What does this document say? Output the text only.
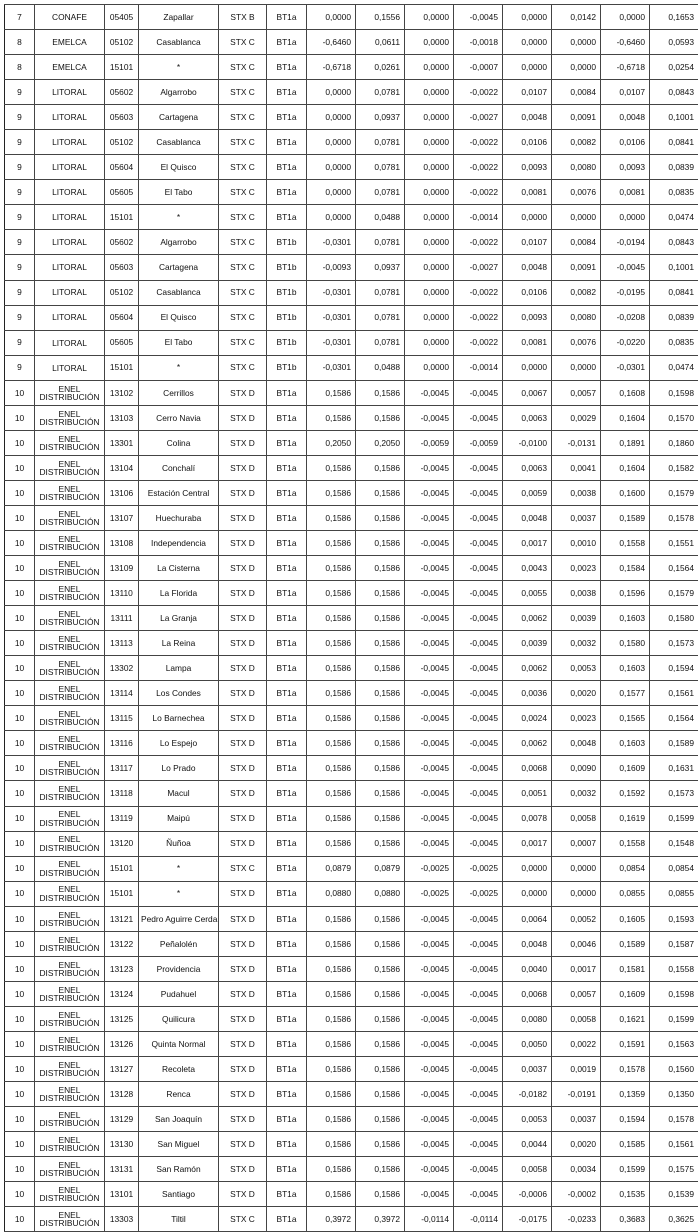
7	CONAFE	05405	Zapallar	STX B	BT1a	0,0000	0,1556	0,0000	-0,0045	0,0000	0,0142	0,0000	0,1653
8	EMELCA	05102	Casablanca	STX C	BT1a	-0,6460	0,0611	0,0000	-0,0018	0,0000	0,0000	-0,6460	0,0593
8	EMELCA	15101	*	STX C	BT1a	-0,6718	0,0261	0,0000	-0,0007	0,0000	0,0000	-0,6718	0,0254
9	LITORAL	05602	Algarrobo	STX C	BT1a	0,0000	0,0781	0,0000	-0,0022	0,0107	0,0084	0,0107	0,0843
9	LITORAL	05603	Cartagena	STX C	BT1a	0,0000	0,0937	0,0000	-0,0027	0,0048	0,0091	0,0048	0,1001
9	LITORAL	05102	Casablanca	STX C	BT1a	0,0000	0,0781	0,0000	-0,0022	0,0106	0,0082	0,0106	0,0841
9	LITORAL	05604	El Quisco	STX C	BT1a	0,0000	0,0781	0,0000	-0,0022	0,0093	0,0080	0,0093	0,0839
9	LITORAL	05605	El Tabo	STX C	BT1a	0,0000	0,0781	0,0000	-0,0022	0,0081	0,0076	0,0081	0,0835
9	LITORAL	15101	*	STX C	BT1a	0,0000	0,0488	0,0000	-0,0014	0,0000	0,0000	0,0000	0,0474
9	LITORAL	05602	Algarrobo	STX C	BT1b	-0,0301	0,0781	0,0000	-0,0022	0,0107	0,0084	-0,0194	0,0843
9	LITORAL	05603	Cartagena	STX C	BT1b	-0,0093	0,0937	0,0000	-0,0027	0,0048	0,0091	-0,0045	0,1001
9	LITORAL	05102	Casablanca	STX C	BT1b	-0,0301	0,0781	0,0000	-0,0022	0,0106	0,0082	-0,0195	0,0841
9	LITORAL	05604	El Quisco	STX C	BT1b	-0,0301	0,0781	0,0000	-0,0022	0,0093	0,0080	-0,0208	0,0839
9	LITORAL	05605	El Tabo	STX C	BT1b	-0,0301	0,0781	0,0000	-0,0022	0,0081	0,0076	-0,0220	0,0835
9	LITORAL	15101	*	STX C	BT1b	-0,0301	0,0488	0,0000	-0,0014	0,0000	0,0000	-0,0301	0,0474
10	ENEL DISTRIBUCIÓN	13102	Cerrillos	STX D	BT1a	0,1586	0,1586	-0,0045	-0,0045	0,0067	0,0057	0,1608	0,1598
10	ENEL DISTRIBUCIÓN	13103	Cerro Navia	STX D	BT1a	0,1586	0,1586	-0,0045	-0,0045	0,0063	0,0029	0,1604	0,1570
10	ENEL DISTRIBUCIÓN	13301	Colina	STX D	BT1a	0,2050	0,2050	-0,0059	-0,0059	-0,0100	-0,0131	0,1891	0,1860
10	ENEL DISTRIBUCIÓN	13104	Conchalí	STX D	BT1a	0,1586	0,1586	-0,0045	-0,0045	0,0063	0,0041	0,1604	0,1582
10	ENEL DISTRIBUCIÓN	13106	Estación Central	STX D	BT1a	0,1586	0,1586	-0,0045	-0,0045	0,0059	0,0038	0,1600	0,1579
10	ENEL DISTRIBUCIÓN	13107	Huechuraba	STX D	BT1a	0,1586	0,1586	-0,0045	-0,0045	0,0048	0,0037	0,1589	0,1578
10	ENEL DISTRIBUCIÓN	13108	Independencia	STX D	BT1a	0,1586	0,1586	-0,0045	-0,0045	0,0017	0,0010	0,1558	0,1551
10	ENEL DISTRIBUCIÓN	13109	La Cisterna	STX D	BT1a	0,1586	0,1586	-0,0045	-0,0045	0,0043	0,0023	0,1584	0,1564
10	ENEL DISTRIBUCIÓN	13110	La Florida	STX D	BT1a	0,1586	0,1586	-0,0045	-0,0045	0,0055	0,0038	0,1596	0,1579
10	ENEL DISTRIBUCIÓN	13111	La Granja	STX D	BT1a	0,1586	0,1586	-0,0045	-0,0045	0,0062	0,0039	0,1603	0,1580
10	ENEL DISTRIBUCIÓN	13113	La Reina	STX D	BT1a	0,1586	0,1586	-0,0045	-0,0045	0,0039	0,0032	0,1580	0,1573
10	ENEL DISTRIBUCIÓN	13302	Lampa	STX D	BT1a	0,1586	0,1586	-0,0045	-0,0045	0,0062	0,0053	0,1603	0,1594
10	ENEL DISTRIBUCIÓN	13114	Los Condes	STX D	BT1a	0,1586	0,1586	-0,0045	-0,0045	0,0036	0,0020	0,1577	0,1561
10	ENEL DISTRIBUCIÓN	13115	Lo Barnechea	STX D	BT1a	0,1586	0,1586	-0,0045	-0,0045	0,0024	0,0023	0,1565	0,1564
10	ENEL DISTRIBUCIÓN	13116	Lo Espejo	STX D	BT1a	0,1586	0,1586	-0,0045	-0,0045	0,0062	0,0048	0,1603	0,1589
10	ENEL DISTRIBUCIÓN	13117	Lo Prado	STX D	BT1a	0,1586	0,1586	-0,0045	-0,0045	0,0068	0,0090	0,1609	0,1631
10	ENEL DISTRIBUCIÓN	13118	Macul	STX D	BT1a	0,1586	0,1586	-0,0045	-0,0045	0,0051	0,0032	0,1592	0,1573
10	ENEL DISTRIBUCIÓN	13119	Maipú	STX D	BT1a	0,1586	0,1586	-0,0045	-0,0045	0,0078	0,0058	0,1619	0,1599
10	ENEL DISTRIBUCIÓN	13120	Ñuñoa	STX D	BT1a	0,1586	0,1586	-0,0045	-0,0045	0,0017	0,0007	0,1558	0,1548
10	ENEL DISTRIBUCIÓN	15101	*	STX C	BT1a	0,0879	0,0879	-0,0025	-0,0025	0,0000	0,0000	0,0854	0,0854
10	ENEL DISTRIBUCIÓN	15101	*	STX D	BT1a	0,0880	0,0880	-0,0025	-0,0025	0,0000	0,0000	0,0855	0,0855
10	ENEL DISTRIBUCIÓN	13121	Pedro Aguirre Cerda	STX D	BT1a	0,1586	0,1586	-0,0045	-0,0045	0,0064	0,0052	0,1605	0,1593
10	ENEL DISTRIBUCIÓN	13122	Peñalolén	STX D	BT1a	0,1586	0,1586	-0,0045	-0,0045	0,0048	0,0046	0,1589	0,1587
10	ENEL DISTRIBUCIÓN	13123	Providencia	STX D	BT1a	0,1586	0,1586	-0,0045	-0,0045	0,0040	0,0017	0,1581	0,1558
10	ENEL DISTRIBUCIÓN	13124	Pudahuel	STX D	BT1a	0,1586	0,1586	-0,0045	-0,0045	0,0068	0,0057	0,1609	0,1598
10	ENEL DISTRIBUCIÓN	13125	Quilicura	STX D	BT1a	0,1586	0,1586	-0,0045	-0,0045	0,0080	0,0058	0,1621	0,1599
10	ENEL DISTRIBUCIÓN	13126	Quinta Normal	STX D	BT1a	0,1586	0,1586	-0,0045	-0,0045	0,0050	0,0022	0,1591	0,1563
10	ENEL DISTRIBUCIÓN	13127	Recoleta	STX D	BT1a	0,1586	0,1586	-0,0045	-0,0045	0,0037	0,0019	0,1578	0,1560
10	ENEL DISTRIBUCIÓN	13128	Renca	STX D	BT1a	0,1586	0,1586	-0,0045	-0,0045	-0,0182	-0,0191	0,1359	0,1350
10	ENEL DISTRIBUCIÓN	13129	San Joaquín	STX D	BT1a	0,1586	0,1586	-0,0045	-0,0045	0,0053	0,0037	0,1594	0,1578
10	ENEL DISTRIBUCIÓN	13130	San Miguel	STX D	BT1a	0,1586	0,1586	-0,0045	-0,0045	0,0044	0,0020	0,1585	0,1561
10	ENEL DISTRIBUCIÓN	13131	San Ramón	STX D	BT1a	0,1586	0,1586	-0,0045	-0,0045	0,0058	0,0034	0,1599	0,1575
10	ENEL DISTRIBUCIÓN	13101	Santiago	STX D	BT1a	0,1586	0,1586	-0,0045	-0,0045	-0,0006	-0,0002	0,1535	0,1539
10	ENEL DISTRIBUCIÓN	13303	Tiltil	STX C	BT1a	0,3972	0,3972	-0,0114	-0,0114	-0,0175	-0,0233	0,3683	0,3625
